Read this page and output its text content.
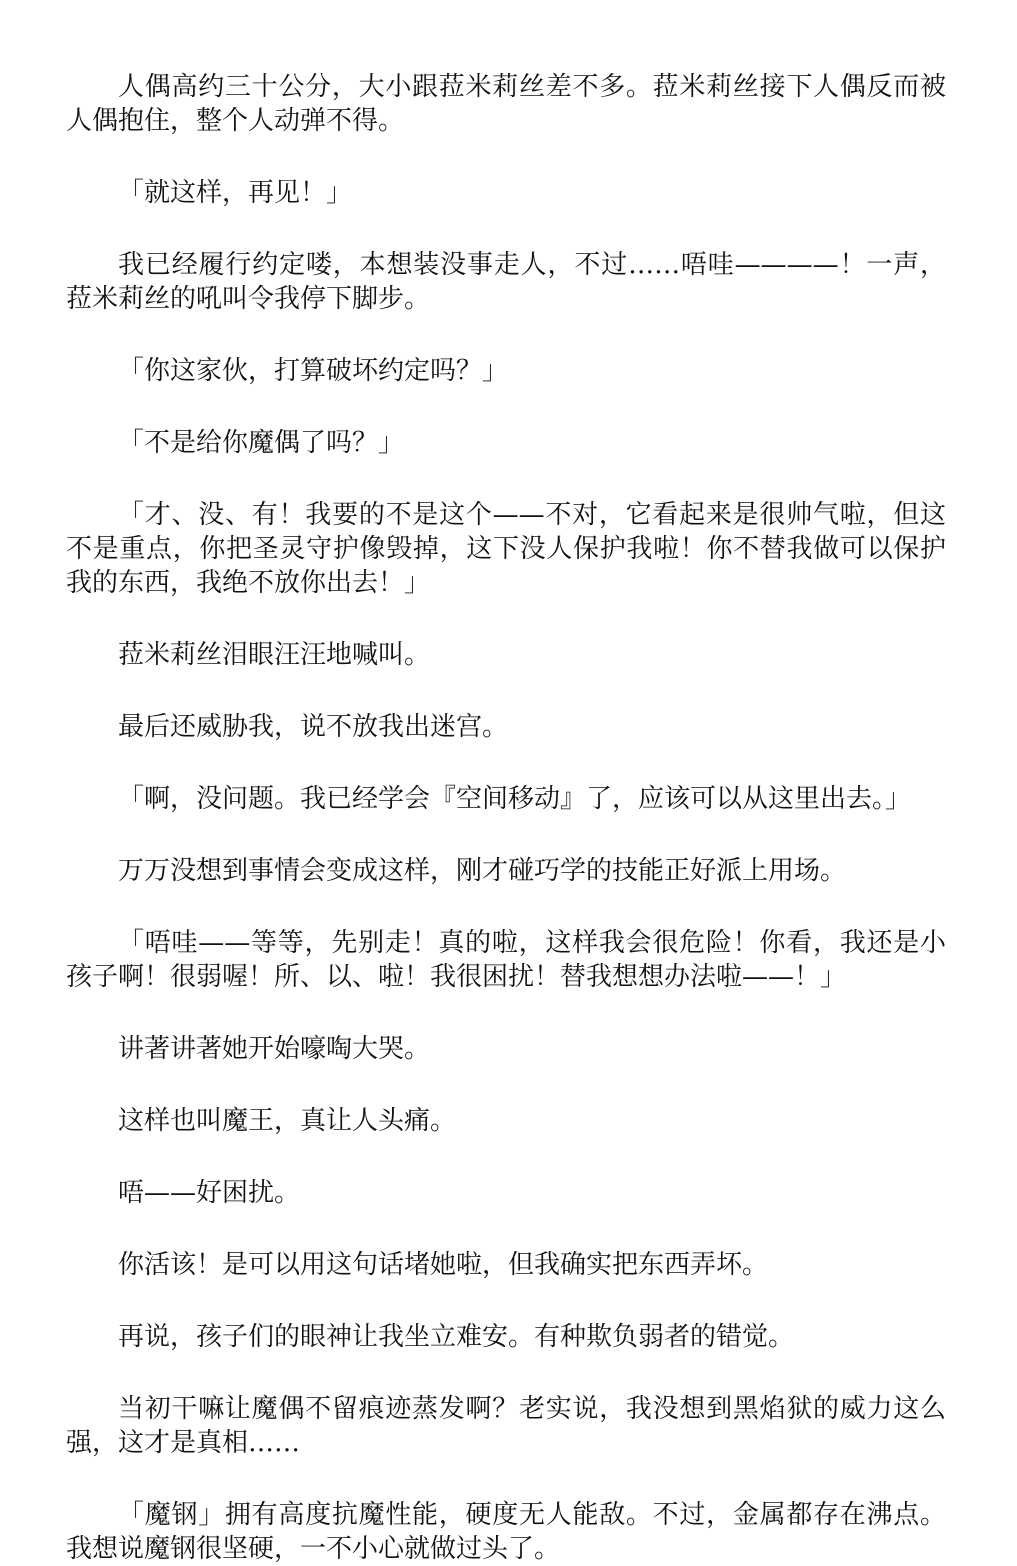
人偶高约三十公分，大小跟菈米莉丝差不多。菈米莉丝接下人偶反而被人偶抱住，整个人动弹不得。

「就这样，再见！」

我已经履行约定喽，本想装没事走人，不过……唔哇————！一声，菈米莉丝的吼叫令我停下脚步。

「你这家伙，打算破坏约定吗？」

「不是给你魔偶了吗？」

「才、没、有！我要的不是这个——不对，它看起来是很帅气啦，但这不是重点，你把圣灵守护像毁掉，这下没人保护我啦！你不替我做可以保护我的东西，我绝不放你出去！」

菈米莉丝泪眼汪汪地喊叫。

最后还威胁我，说不放我出迷宫。

「啊，没问题。我已经学会『空间移动』了，应该可以从这里出去。」

万万没想到事情会变成这样，刚才碰巧学的技能正好派上用场。

「唔哇——等等，先别走！真的啦，这样我会很危险！你看，我还是小孩子啊！很弱喔！所、以、啦！我很困扰！替我想想办法啦——！」

讲著讲著她开始嚎啕大哭。

这样也叫魔王，真让人头痛。

唔——好困扰。

你活该！是可以用这句话堵她啦，但我确实把东西弄坏。

再说，孩子们的眼神让我坐立难安。有种欺负弱者的错觉。

当初干嘛让魔偶不留痕迹蒸发啊？老实说，我没想到黑焰狱的威力这么强，这才是真相……

「魔钢」拥有高度抗魔性能，硬度无人能敌。不过，金属都存在沸点。我想说魔钢很坚硬，一不小心就做过头了。
